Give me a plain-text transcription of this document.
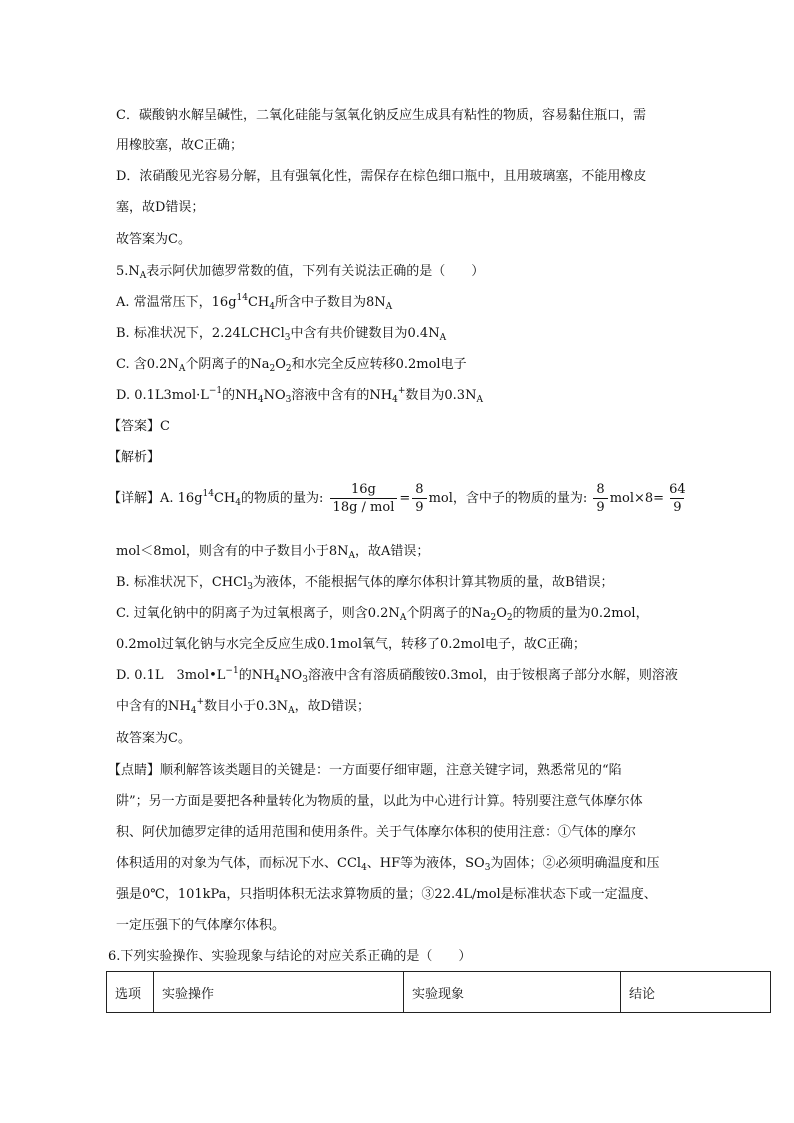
C．碳酸钠水解呈碱性，二氧化硅能与氢氧化钠反应生成具有粘性的物质，容易黏住瓶口，需
用橡胶塞，故C正确；
D．浓硝酸见光容易分解，且有强氧化性，需保存在棕色细口瓶中，且用玻璃塞，不能用橡皮
塞，故D错误；
故答案为C。
$5.N_A$表示阿伏加德罗常数的值，下列有关说法正确的是（　　）
A. 常温常压下，$16g^{14}CH_4$所含中子数目为$8N_A$
B. 标准状况下，2.24LCHCl$_3$中含有共价键数目为$0.4N_A$
C. 含$0.2N_A$个阴离子的$Na_2O_2$和水完全反应转移0.2mol电子
D. $0.1L3mol\cdot L^{-1}$的$NH_4NO_3$溶液中含有的$NH_4^+$数目为$0.3N_A$
【答案】C
【解析】
【详解】A. $16g^{14}CH_4$的物质的量为: $\frac{16g}{\text{18g / mol}} = \frac{8}{9}$ mol，含中子的物质的量为: $\frac{8}{9} mol\times 8= \frac{64}{9}$
mol＜8mol，则含有的中子数目小于$8N_A$，故A错误；
B. 标准状况下，CHCl$_3$为液体，不能根据气体的摩尔体积计算其物质的量，故B错误；
C. 过氧化钠中的阴离子为过氧根离子，则含$0.2N_A$个阴离子的$Na_2O_2$的物质的量为0.2mol，
0.2mol过氧化钠与水完全反应生成0.1mol氧气，转移了0.2mol电子，故C正确；
D. 0.1L　$3mol•L^{-1}$的$NH_4NO_3$溶液中含有溶质硝酸铵0.3mol，由于铵根离子部分水解，则溶液
中含有的$NH_4^+$数目小于$0.3N_A$，故D错误；
故答案为C。
【点睛】顺利解答该类题目的关键是：一方面要仔细审题，注意关键字词，熟悉常见的“陷
阱”；另一方面是要把各种量转化为物质的量，以此为中心进行计算。特别要注意气体摩尔体
积、阿伏加德罗定律的适用范围和使用条件。关于气体摩尔体积的使用注意：①气体的摩尔
体积适用的对象为气体，而标况下水、CCl$_4$、HF等为液体，$SO_3$为固体；②必须明确温度和压
强是0℃，101kPa，只指明体积无法求算物质的量；③22.4L/mol是标准状态下或一定温度、
一定压强下的气体摩尔体积。
6.下列实验操作、实验现象与结论的对应关系正确的是（　　）
选项	实验操作	实验现象	结论
